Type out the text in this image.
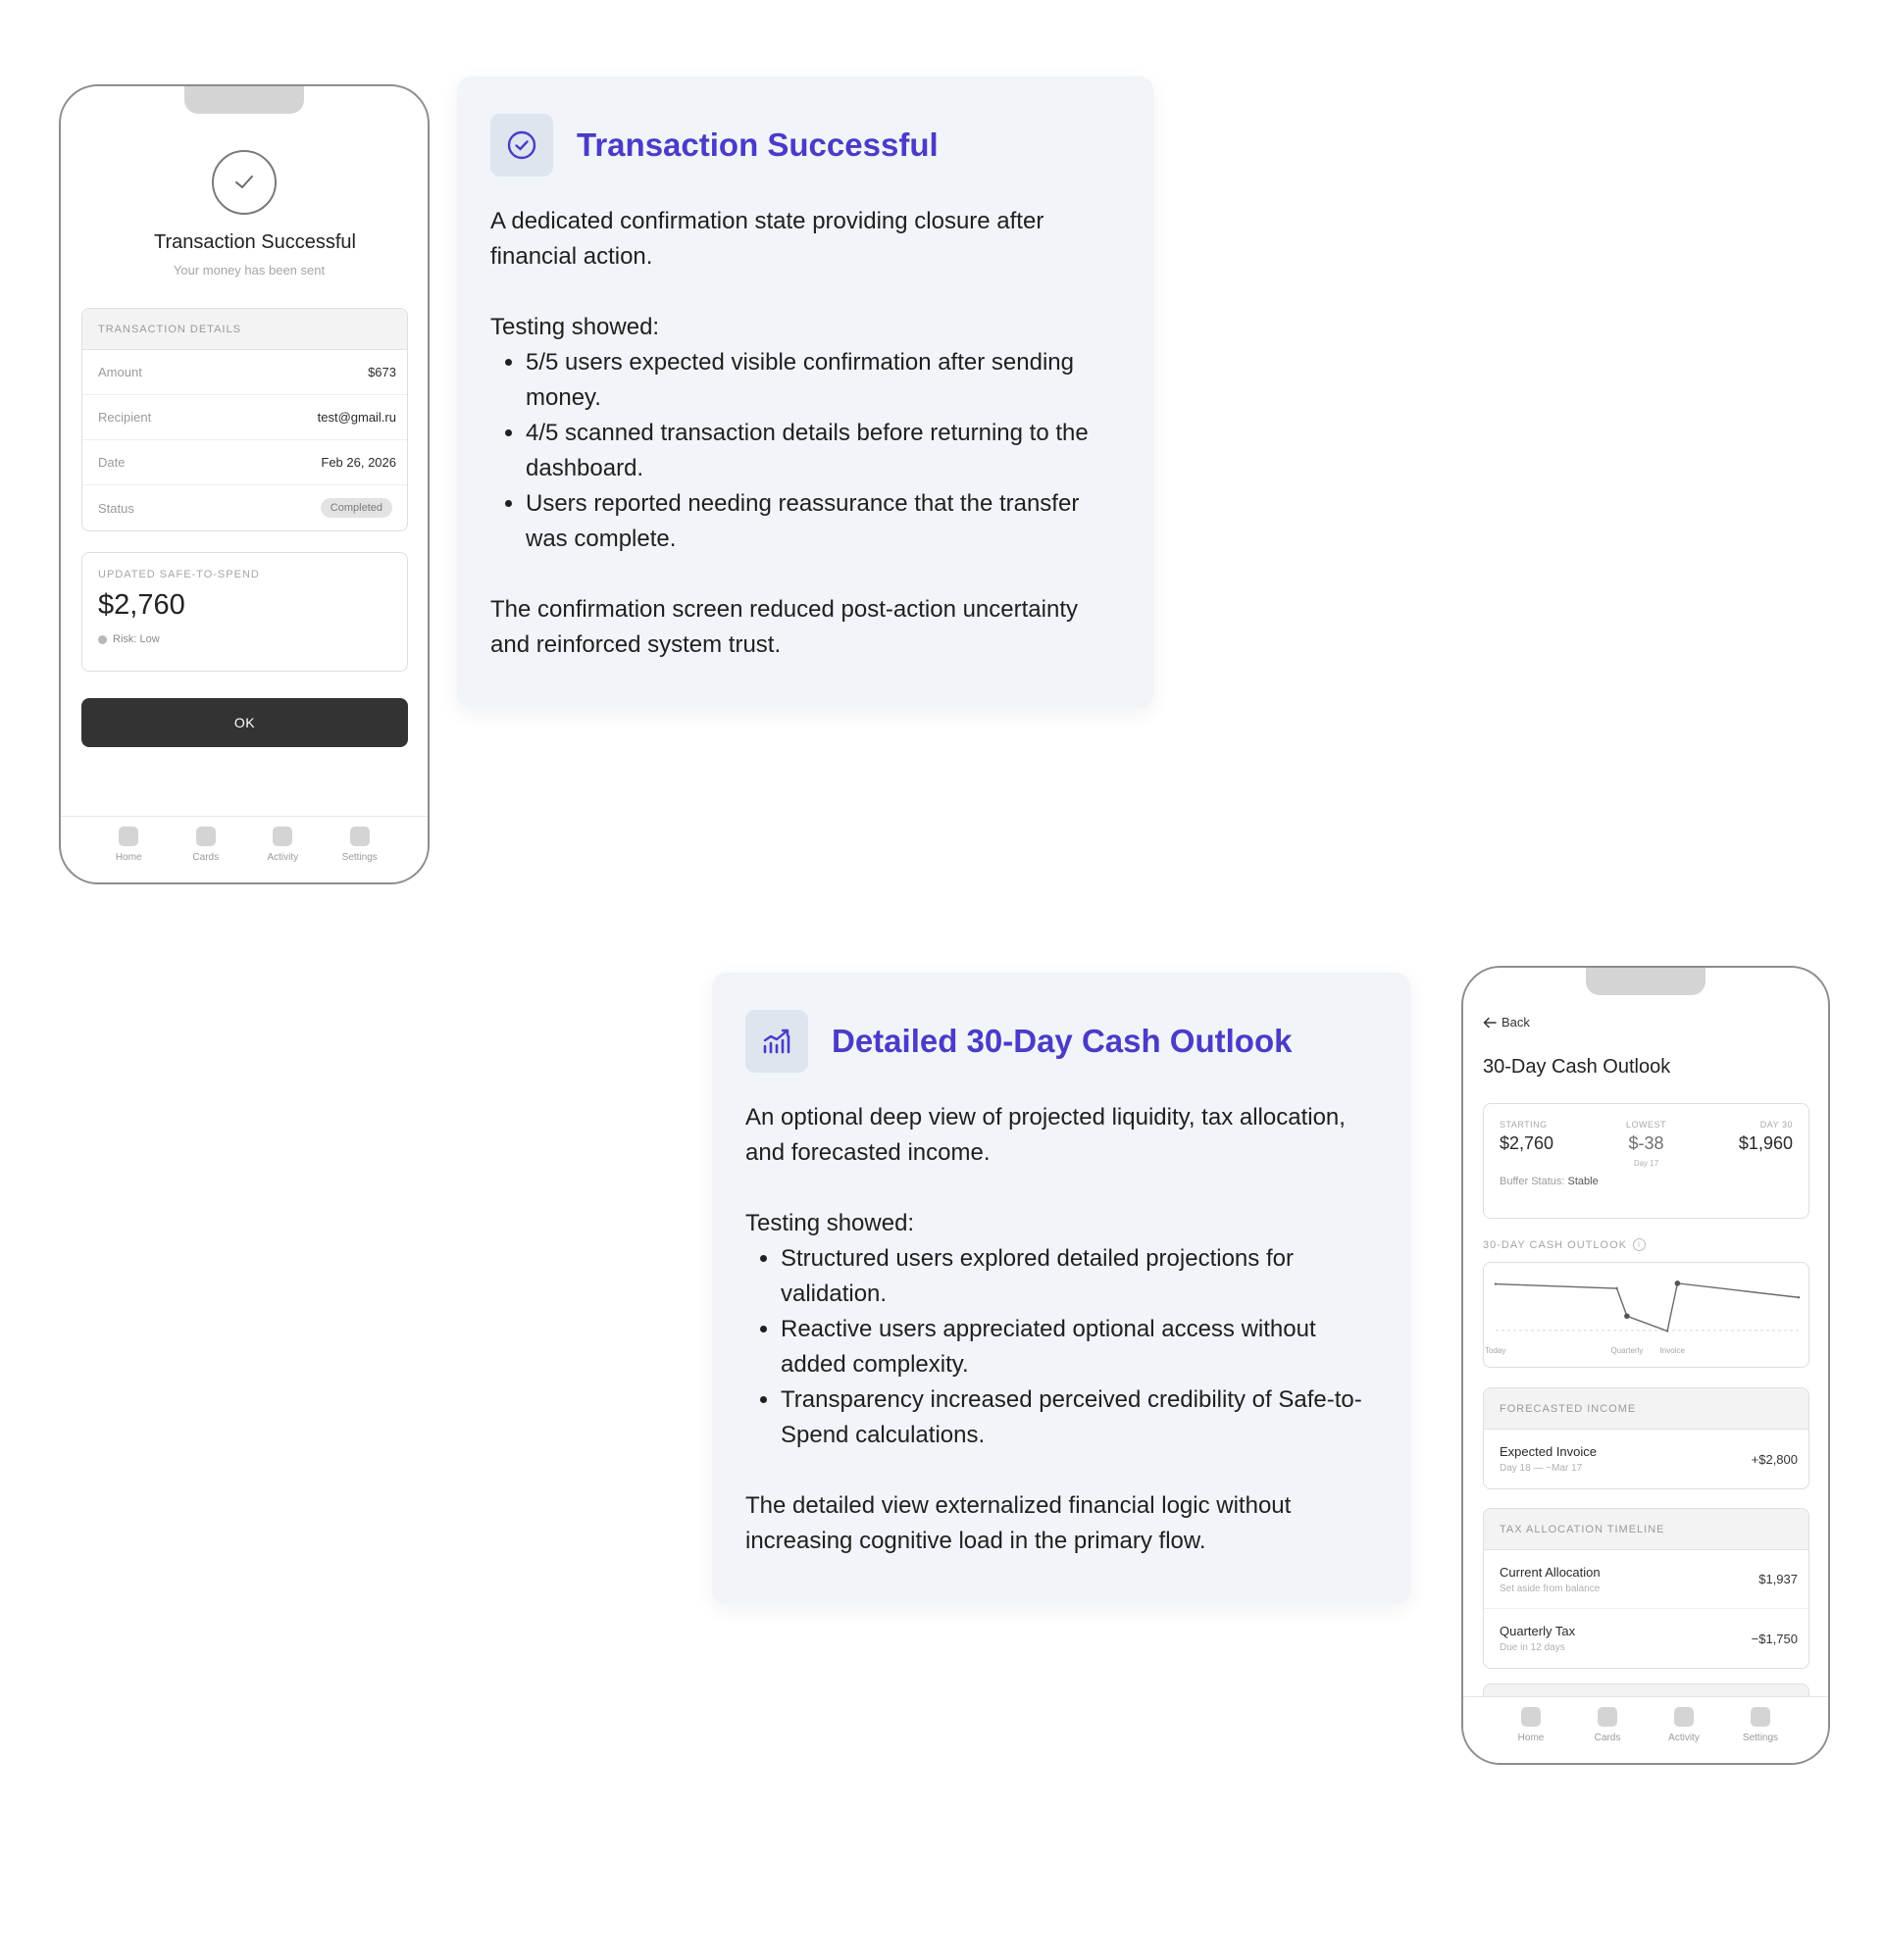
Transaction Successful
Your money has been sent
TRANSACTION DETAILS
Amount	$673
Recipient	test@gmail.ru
Date	Feb 26, 2026
Status	Completed
UPDATED SAFE-TO-SPEND
$2,760
Risk: Low
OK
Home	Cards	Activity	Settings
Transaction Successful

A dedicated confirmation state providing closure after financial action.

Testing showed:

• 5/5 users expected visible confirmation after sending money.
• 4/5 scanned transaction details before returning to the dashboard.
• Users reported needing reassurance that the transfer was complete.

The confirmation screen reduced post-action uncertainty and reinforced system trust.

Detailed 30-Day Cash Outlook

An optional deep view of projected liquidity, tax allocation, and forecasted income.

Testing showed:

• Structured users explored detailed projections for validation.
• Reactive users appreciated optional access without added complexity.
• Transparency increased perceived credibility of Safe-to-Spend calculations.

The detailed view externalized financial logic without increasing cognitive load in the primary flow.

Back
30-Day Cash Outlook
STARTING
$2,760
LOWEST
$-38
Day 17
DAY 30
$1,960
Buffer Status: Stable
30-DAY CASH OUTLOOK	i
Today	Quarterly Invoice
FORECASTED INCOME
Expected Invoice
Day 18 — ~Mar 17
+$2,800
TAX ALLOCATION TIMELINE
Current Allocation
Set aside from balance
$1,937
Quarterly Tax
Due in 12 days
−$1,750
Home	Cards	Activity	Settings
